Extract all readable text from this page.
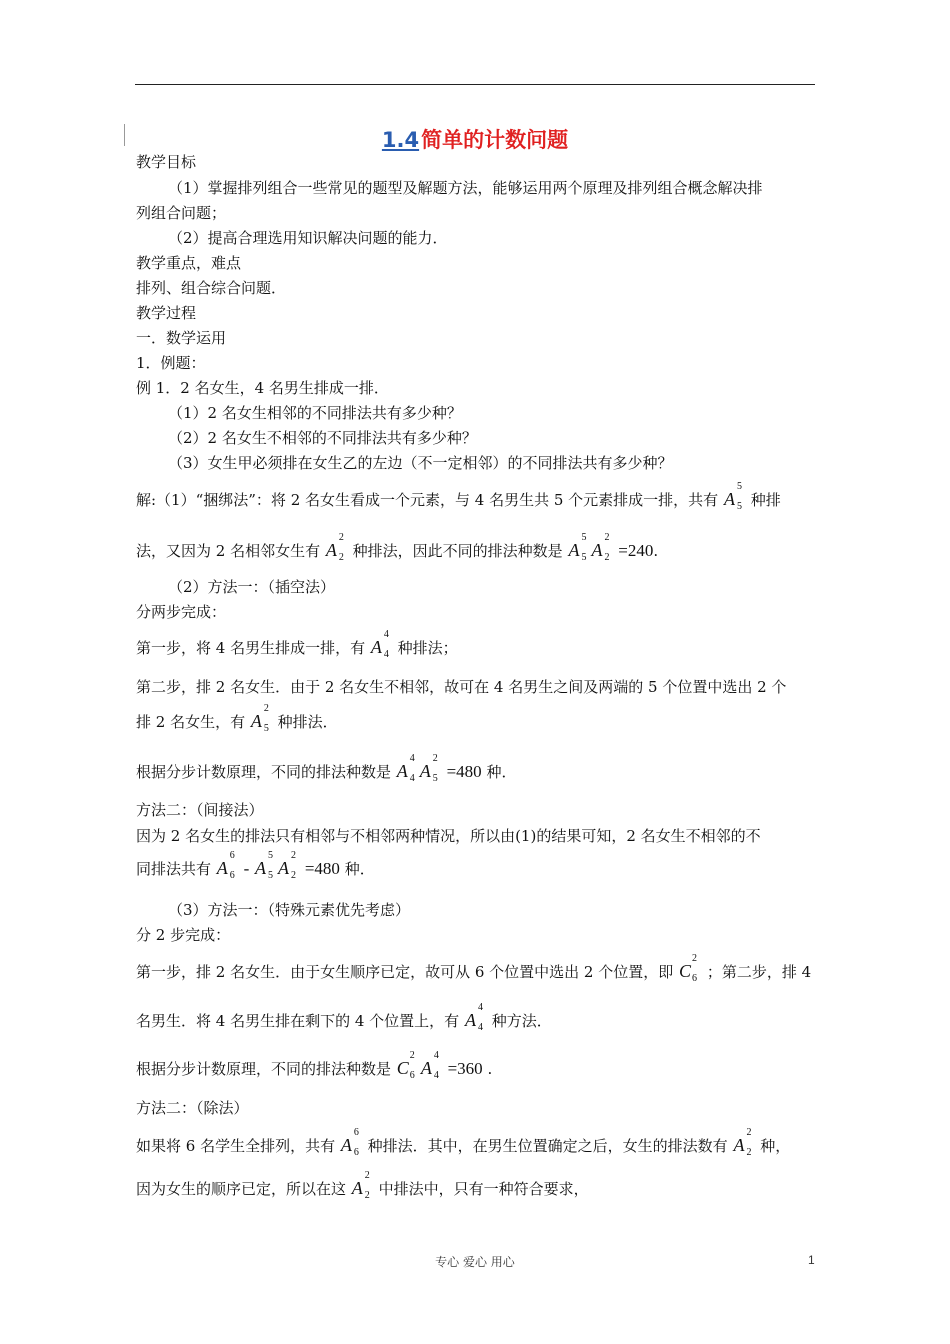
1.4简单的计数问题
教学目标
（1）掌握排列组合一些常见的题型及解题方法，能够运用两个原理及排列组合概念解决排
列组合问题；
（2）提高合理选用知识解决问题的能力．
教学重点，难点
排列、组合综合问题．
教学过程
一．数学运用
1．例题：
例 1．2 名女生，4 名男生排成一排．
（1）2 名女生相邻的不同排法共有多少种？
（2）2 名女生不相邻的不同排法共有多少种？
（3）女生甲必须排在女生乙的左边（不一定相邻）的不同排法共有多少种？
解:（1）“捆绑法”：将 2 名女生看成一个元素，与 4 名男生共 5 个元素排成一排，共有 A
5
5 种排
法，又因为 2 名相邻女生有 A
2
2 种排法，因此不同的排法种数是 A
5
5 A
2
2 =240.
（2）方法一：（插空法）
分两步完成：
第一步，将 4 名男生排成一排，有 A
4
4 种排法；
第二步，排 2 名女生．由于 2 名女生不相邻，故可在 4 名男生之间及两端的 5 个位置中选出 2 个
排 2 名女生，有 A
2
5 种排法．
根据分步计数原理，不同的排法种数是 A
4
4 A
2
5 =480 种．
方法二：（间接法）
因为 2 名女生的排法只有相邻与不相邻两种情况，所以由(1)的结果可知，2 名女生不相邻的不
同排法共有 A
6
6 - A
5
5 A
2
2 =480 种．
（3）方法一：（特殊元素优先考虑）
分 2 步完成：
第一步，排 2 名女生．由于女生顺序已定，故可从 6 个位置中选出 2 个位置，即 C
2
6 ；第二步，排 4
名男生．将 4 名男生排在剩下的 4 个位置上，有 A
4
4 种方法．
根据分步计数原理，不同的排法种数是 C
2
6 A
4
4 =360 .
方法二：（除法）
如果将 6 名学生全排列，共有 A
6
6 种排法．其中，在男生位置确定之后，女生的排法数有 A
2
2 种，
因为女生的顺序已定，所以在这 A
2
2 中排法中，只有一种符合要求，
专心 爱心 用心	1
